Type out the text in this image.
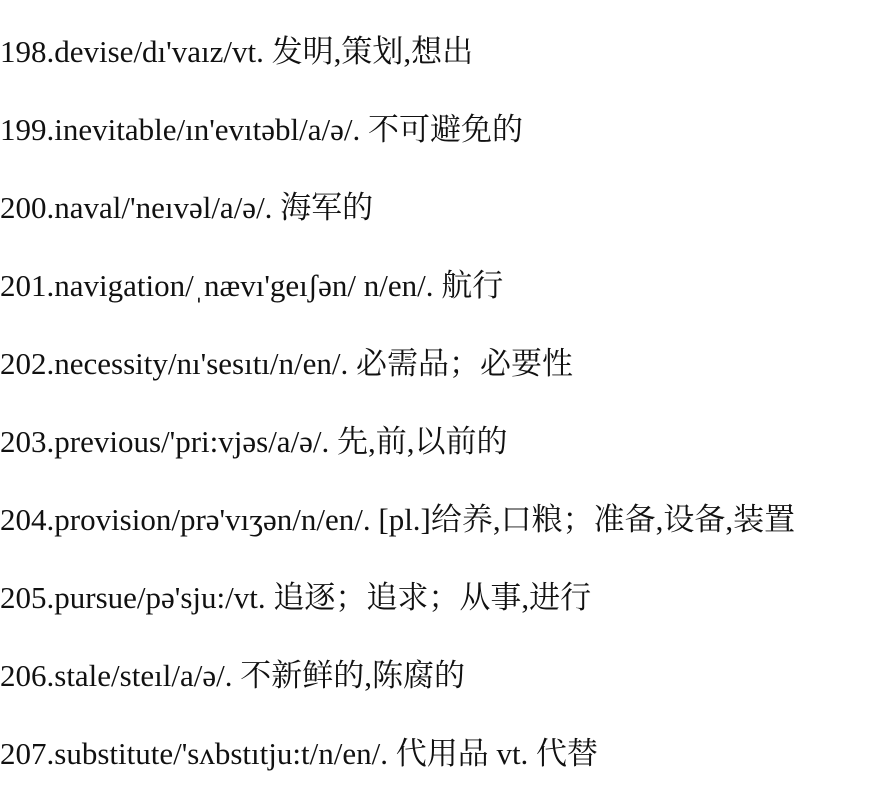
198.devise/dı'vaız/vt. 发明,策划,想出
199.inevitable/ın'evıtəbl/a/ə/. 不可避免的
200.naval/'neıvəl/a/ə/. 海军的
201.navigation/ˌnævı'geıʃən/ n/en/. 航行
202.necessity/nı'sesıtı/n/en/. 必需品；必要性
203.previous/'pri:vjəs/a/ə/. 先,前,以前的
204.provision/prə'vıʒən/n/en/. [pl.]给养,口粮；准备,设备,装置
205.pursue/pə'sju:/vt. 追逐；追求；从事,进行
206.stale/steıl/a/ə/. 不新鲜的,陈腐的
207.substitute/'sʌbstıtju:t/n/en/. 代用品 vt. 代替
